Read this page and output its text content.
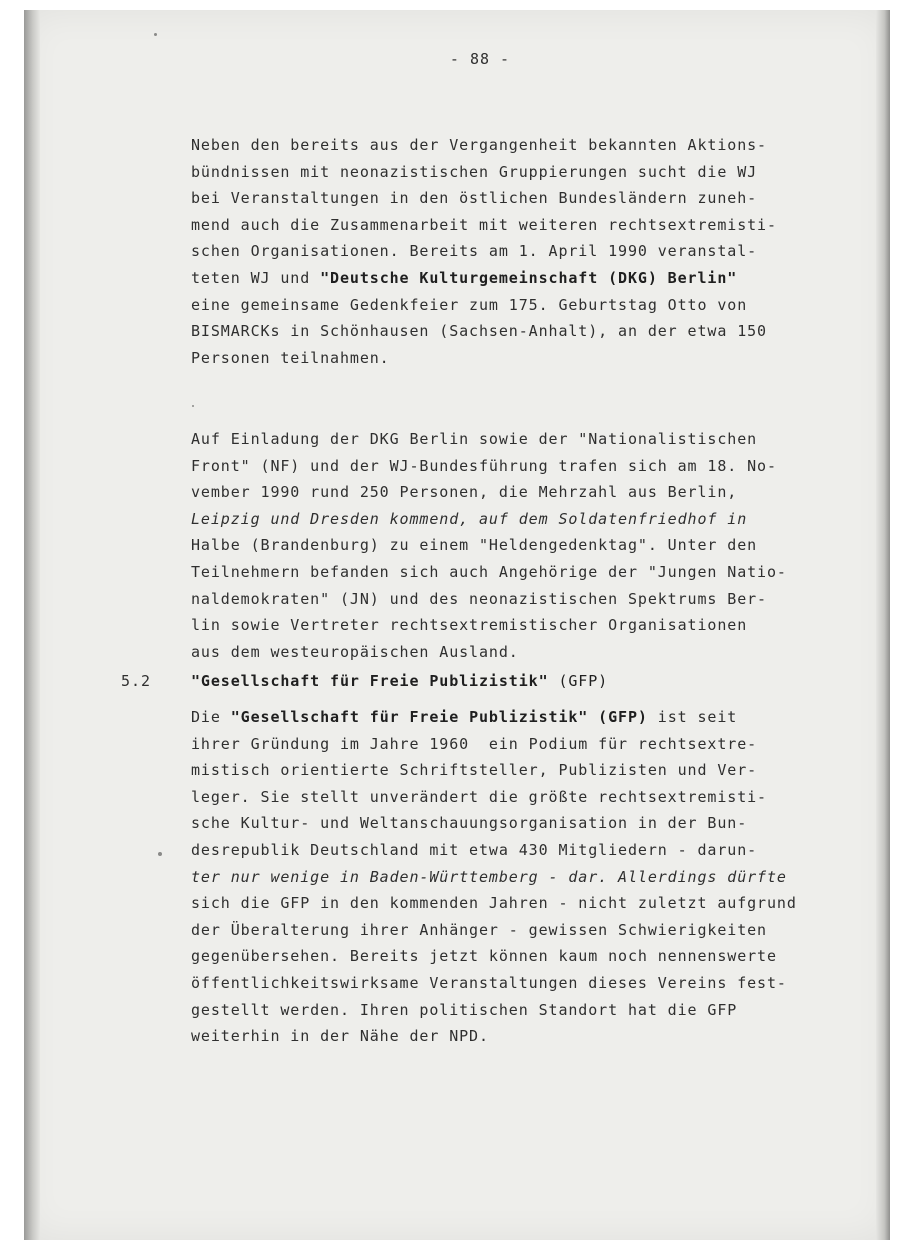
- 88 -
Neben den bereits aus der Vergangenheit bekannten Aktions-
bündnissen mit neonazistischen Gruppierungen sucht die WJ
bei Veranstaltungen in den östlichen Bundesländern zuneh-
mend auch die Zusammenarbeit mit weiteren rechtsextremisti-
schen Organisationen. Bereits am 1. April 1990 veranstal-
teten WJ und "Deutsche Kulturgemeinschaft (DKG) Berlin"
eine gemeinsame Gedenkfeier zum 175. Geburtstag Otto von
BISMARCKs in Schönhausen (Sachsen-Anhalt), an der etwa 150
Personen teilnahmen.
Auf Einladung der DKG Berlin sowie der "Nationalistischen
Front" (NF) und der WJ-Bundesführung trafen sich am 18. No-
vember 1990 rund 250 Personen, die Mehrzahl aus Berlin,
Leipzig und Dresden kommend, auf dem Soldatenfriedhof in
Halbe (Brandenburg) zu einem "Heldengedenktag". Unter den
Teilnehmern befanden sich auch Angehörige der "Jungen Natio-
naldemokraten" (JN) und des neonazistischen Spektrums Ber-
lin sowie Vertreter rechtsextremistischer Organisationen
aus dem westeuropäischen Ausland.
5.2	"Gesellschaft für Freie Publizistik" (GFP)
Die "Gesellschaft für Freie Publizistik" (GFP) ist seit
ihrer Gründung im Jahre 1960  ein Podium für rechtsextre-
mistisch orientierte Schriftsteller, Publizisten und Ver-
leger. Sie stellt unverändert die größte rechtsextremisti-
sche Kultur- und Weltanschauungsorganisation in der Bun-
desrepublik Deutschland mit etwa 430 Mitgliedern - darun-
ter nur wenige in Baden-Württemberg - dar. Allerdings dürfte
sich die GFP in den kommenden Jahren - nicht zuletzt aufgrund
der Überalterung ihrer Anhänger - gewissen Schwierigkeiten
gegenübersehen. Bereits jetzt können kaum noch nennenswerte
öffentlichkeitswirksame Veranstaltungen dieses Vereins fest-
gestellt werden. Ihren politischen Standort hat die GFP
weiterhin in der Nähe der NPD.
